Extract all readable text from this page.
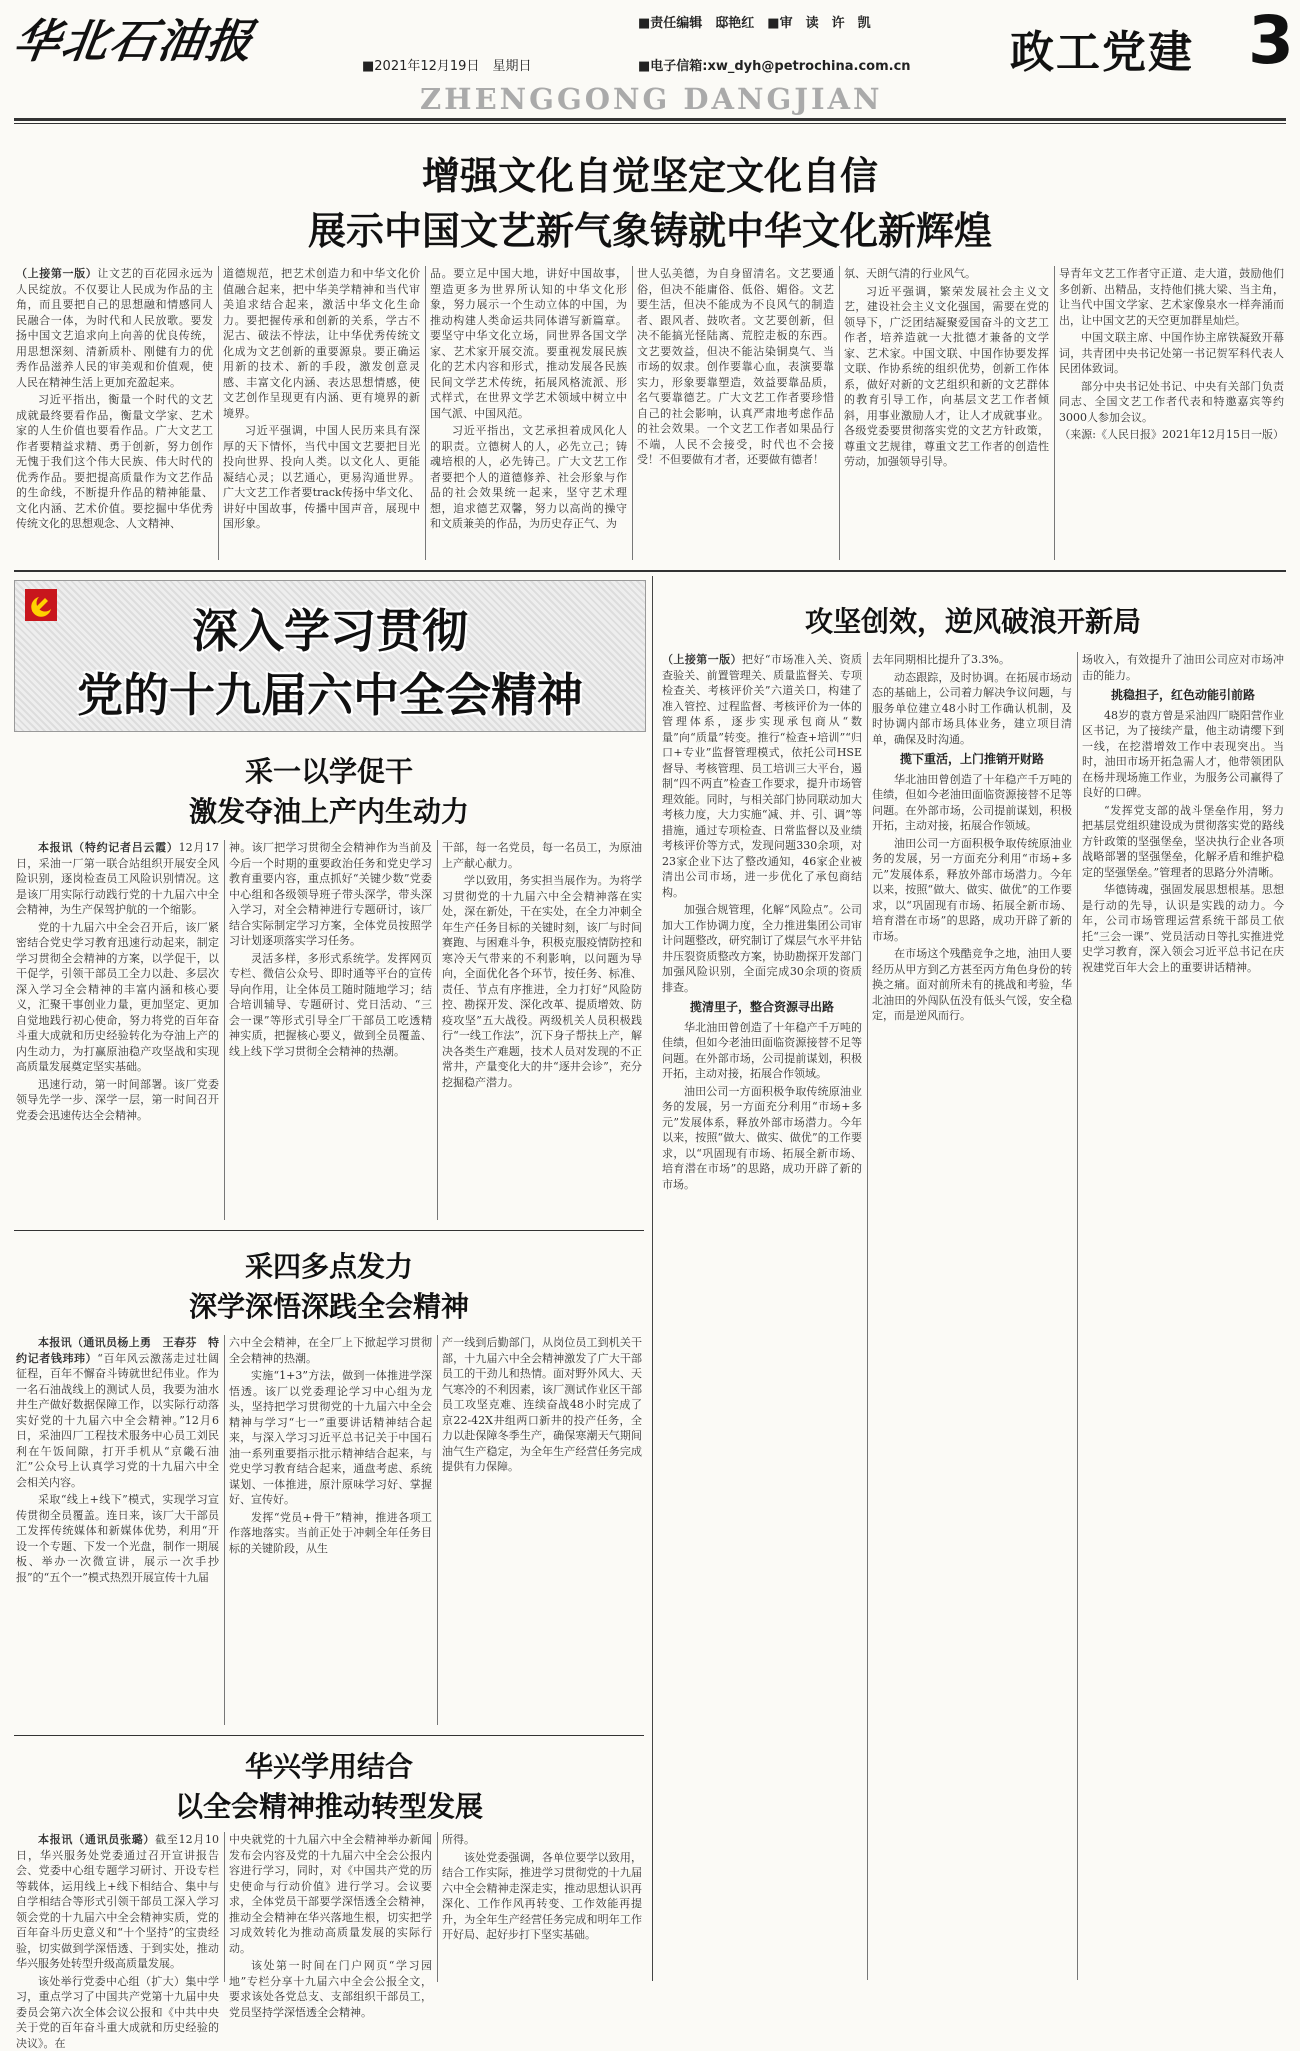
华北石油报	■2021年12月19日　星期日
■责任编辑　邸艳红　■审　读　许　凯
■电子信箱:xw_dyh@petrochina.com.cn 政工党建 3
ZHENGGONG DANGJIAN
增强文化自觉坚定文化自信
展示中国文艺新气象铸就中华文化新辉煌

（上接第一版）让文艺的百花园永远为人民绽放。不仅要让人民成为作品的主角，而且要把自己的思想融和情感同人民融合一体，为时代和人民放歌。要发扬中国文艺追求向上向善的优良传统，用思想深刻、清新质朴、刚健有力的优秀作品滋养人民的审美观和价值观，使人民在精神生活上更加充盈起来。

习近平指出，衡量一个时代的文艺成就最终要看作品，衡量文学家、艺术家的人生价值也要看作品。广大文艺工作者要精益求精、勇于创新，努力创作无愧于我们这个伟大民族、伟大时代的优秀作品。要把提高质量作为文艺作品的生命线，不断提升作品的精神能量、文化内涵、艺术价值。要挖掘中华优秀传统文化的思想观念、人文精神、

道德规范，把艺术创造力和中华文化价值融合起来，把中华美学精神和当代审美追求结合起来，激活中华文化生命力。要把握传承和创新的关系，学古不泥古、破法不悖法，让中华优秀传统文化成为文艺创新的重要源泉。要正确运用新的技术、新的手段，激发创意灵感、丰富文化内涵、表达思想情感，使文艺创作呈现更有内涵、更有境界的新境界。

习近平强调，中国人民历来具有深厚的天下情怀，当代中国文艺要把目光投向世界、投向人类。以文化人、更能凝结心灵；以艺通心，更易沟通世界。广大文艺工作者要track传扬中华文化、讲好中国故事，传播中国声音，展现中国形象。

品。要立足中国大地，讲好中国故事，塑造更多为世界所认知的中华文化形象，努力展示一个生动立体的中国，为推动构建人类命运共同体谱写新篇章。要坚守中华文化立场，同世界各国文学家、艺术家开展交流。要重视发展民族化的艺术内容和形式，推动发展各民族民间文学艺术传统，拓展风格流派、形式样式，在世界文学艺术领域中树立中国气派、中国风范。

习近平指出，文艺承担着成风化人的职责。立德树人的人，必先立己；铸魂培根的人，必先铸己。广大文艺工作者要把个人的道德修养、社会形象与作品的社会效果统一起来，坚守艺术理想，追求德艺双馨，努力以高尚的操守和文质兼美的作品，为历史存正气、为

世人弘美德，为自身留清名。文艺要通俗，但决不能庸俗、低俗、媚俗。文艺要生活，但决不能成为不良风气的制造者、跟风者、鼓吹者。文艺要创新，但决不能搞光怪陆离、荒腔走板的东西。文艺要效益，但决不能沾染铜臭气、当市场的奴隶。创作要靠心血，表演要靠实力，形象要靠塑造，效益要靠品质，名气要靠德艺。广大文艺工作者要珍惜自己的社会影响，认真严肃地考虑作品的社会效果。一个文艺工作者如果品行不端，人民不会接受，时代也不会接受！不但要做有才者，还要做有德者！

氛、天朗气清的行业风气。

习近平强调，繁荣发展社会主义文艺，建设社会主义文化强国，需要在党的领导下，广泛团结凝聚爱国奋斗的文艺工作者，培养造就一大批德才兼备的文学家、艺术家。中国文联、中国作协要发挥文联、作协系统的组织优势，创新工作体系，做好对新的文艺组织和新的文艺群体的教育引导工作，向基层文艺工作者倾斜，用事业激励人才，让人才成就事业。各级党委要贯彻落实党的文艺方针政策，尊重文艺规律，尊重文艺工作者的创造性劳动，加强领导引导。

导青年文艺工作者守正道、走大道，鼓励他们多创新、出精品，支持他们挑大梁、当主角，让当代中国文学家、艺术家像泉水一样奔涌而出，让中国文艺的天空更加群星灿烂。

中国文联主席、中国作协主席铁凝致开幕词，共青团中央书记处第一书记贺军科代表人民团体致词。

部分中央书记处书记、中央有关部门负责同志、全国文艺工作者代表和特邀嘉宾等约3000人参加会议。

（来源:《人民日报》2021年12月15日一版）

深入学习贯彻
党的十九届六中全会精神
采一以学促干
激发夺油上产内生动力

本报讯（特约记者吕云霞）12月17日，采油一厂第一联合站组织开展安全风险识别，逐岗检查员工风险识别情况。这是该厂用实际行动践行党的十九届六中全会精神，为生产保驾护航的一个缩影。

党的十九届六中全会召开后，该厂紧密结合党史学习教育迅速行动起来，制定学习贯彻全会精神的方案，以学促干，以干促学，引领干部员工全力以赴、多层次深入学习全会精神的丰富内涵和核心要义，汇聚干事创业力量，更加坚定、更加自觉地践行初心使命，努力将党的百年奋斗重大成就和历史经验转化为夺油上产的内生动力，为打赢原油稳产攻坚战和实现高质量发展奠定坚实基础。

迅速行动，第一时间部署。该厂党委领导先学一步、深学一层，第一时间召开党委会迅速传达全会精神。

神。该厂把学习贯彻全会精神作为当前及今后一个时期的重要政治任务和党史学习教育重要内容，重点抓好“关键少数”党委中心组和各级领导班子带头深学，带头深入学习，对全会精神进行专题研讨，该厂结合实际制定学习方案，全体党员按照学习计划逐项落实学习任务。

灵活多样，多形式系统学。发挥网页专栏、微信公众号、即时通等平台的宣传导向作用，让全体员工随时随地学习；结合培训辅导、专题研讨、党日活动、“三会一课”等形式引导全厂干部员工吃透精神实质，把握核心要义，做到全员覆盖、线上线下学习贯彻全会精神的热潮。

干部，每一名党员，每一名员工，为原油上产献心献力。

学以致用，务实担当展作为。为将学习贯彻党的十九届六中全会精神落在实处，深在新处，干在实处，在全力冲刺全年生产任务目标的关键时刻，该厂与时间赛跑、与困难斗争，积极克服疫情防控和寒冷天气带来的不利影响，以问题为导向，全面优化各个环节，按任务、标准、责任、节点有序推进，全力打好“风险防控、勘探开发、深化改革、提质增效、防疫攻坚”五大战役。两级机关人员积极践行“一线工作法”，沉下身子帮扶上产，解决各类生产难题，技术人员对发现的不正常井，产量变化大的井“逐井会诊”，充分挖掘稳产潜力。

采四多点发力
深学深悟深践全会精神

本报讯（通讯员杨上勇　王春芬　特约记者钱玮玮）“百年风云激荡走过壮阔征程，百年不懈奋斗铸就世纪伟业。作为一名石油战线上的测试人员，我要为油水井生产做好数据保障工作，以实际行动落实好党的十九届六中全会精神。”12月6日，采油四厂工程技术服务中心员工刘民利在午饭间隙，打开手机从“京畿石油汇”公众号上认真学习党的十九届六中全会相关内容。

采取“线上+线下”模式，实现学习宣传贯彻全员覆盖。连日来，该厂大干部员工发挥传统媒体和新媒体优势，利用“开设一个专题、下发一个光盘，制作一期展板、举办一次微宣讲，展示一次手抄报”的“五个一”模式热烈开展宣传十九届

六中全会精神，在全厂上下掀起学习贯彻全会精神的热潮。

实施“1+3”方法，做到一体推进学深悟透。该厂以党委理论学习中心组为龙头，坚持把学习贯彻党的十九届六中全会精神与学习“七一”重要讲话精神结合起来，与深入学习习近平总书记关于中国石油一系列重要指示批示精神结合起来，与党史学习教育结合起来，通盘考虑、系统谋划、一体推进，原汁原味学习好、掌握好、宣传好。

发挥“党员+骨干”精神，推进各项工作落地落实。当前正处于冲刺全年任务目标的关键阶段，从生

产一线到后勤部门，从岗位员工到机关干部，十九届六中全会精神激发了广大干部员工的干劲儿和热情。面对野外风大、天气寒冷的不利因素，该厂测试作业区干部员工攻坚克难、连续奋战48小时完成了京22-42X井组两口新井的投产任务，全力以赴保障冬季生产，确保寒潮天气期间油气生产稳定，为全年生产经营任务完成提供有力保障。

华兴学用结合
以全会精神推动转型发展

本报讯（通讯员张璐）截至12月10日，华兴服务处党委通过召开宣讲报告会、党委中心组专题学习研讨、开设专栏等载体，运用线上+线下相结合、集中与自学相结合等形式引领干部员工深入学习领会党的十九届六中全会精神实质，党的百年奋斗历史意义和“十个坚持”的宝贵经验，切实做到学深悟透、于到实处，推动华兴服务处转型升级高质量发展。

该处举行党委中心组（扩大）集中学习，重点学习了中国共产党第十九届中央委员会第六次全体会议公报和《中共中央关于党的百年奋斗重大成就和历史经验的决议》。在

中央就党的十九届六中全会精神举办新闻发布会内容及党的十九届六中全会公报内容进行学习，同时，对《中国共产党的历史使命与行动价值》进行学习。会议要求，全体党员干部要学深悟透全会精神，推动全会精神在华兴落地生根，切实把学习成效转化为推动高质量发展的实际行动。

该处第一时间在门户网页“学习园地”专栏分享十九届六中全会公报全文，要求该处各党总支、支部组织干部员工，党员坚持学深悟透全会精神。

所得。

该处党委强调，各单位要学以致用，结合工作实际，推进学习贯彻党的十九届六中全会精神走深走实，推动思想认识再深化、工作作风再转变、工作效能再提升，为全年生产经营任务完成和明年工作开好局、起好步打下坚实基础。

攻坚创效，逆风破浪开新局

（上接第一版）把好“市场准入关、资质查验关、前置管理关、质量监督关、专项检查关、考核评价关”六道关口，构建了准入管控、过程监督、考核评价为一体的管理体系，逐步实现承包商从“数量”向“质量”转变。推行“检查+培训”“归口+专业”监督管理模式，依托公司HSE督导、考核管理、员工培训三大平台，遏制“四不两直”检查工作要求，提升市场管理效能。同时，与相关部门协同联动加大考核力度，大力实施“减、并、引、调”等措施，通过专项检查、日常监督以及业绩考核评价等方式，发现问题330余项，对23家企业下达了整改通知，46家企业被清出公司市场，进一步优化了承包商结构。

加强合规管理，化解“风险点”。公司加大工作协调力度，全力推进集团公司审计问题整改，研究制订了煤层气水平井钻井压裂资质整改方案，协助勘探开发部门加强风险识别，全面完成30余项的资质排查。

揽清里子，整合资源寻出路

华北油田曾创造了十年稳产千万吨的佳绩，但如今老油田面临资源接替不足等问题。在外部市场，公司提前谋划，积极开拓，主动对接，拓展合作领域。

油田公司一方面积极争取传统原油业务的发展，另一方面充分利用“市场+多元”发展体系，释放外部市场潜力。今年以来，按照“做大、做实、做优”的工作要求，以“巩固现有市场、拓展全新市场、培育潜在市场”的思路，成功开辟了新的市场。

去年同期相比提升了3.3%。

动态跟踪，及时协调。在拓展市场动态的基础上，公司着力解决争议问题，与服务单位建立48小时工作确认机制，及时协调内部市场具体业务，建立项目清单，确保及时沟通。

揽下重活，上门推销开财路

华北油田曾创造了十年稳产千万吨的佳绩，但如今老油田面临资源接替不足等问题。在外部市场，公司提前谋划，积极开拓，主动对接，拓展合作领域。

油田公司一方面积极争取传统原油业务的发展，另一方面充分利用“市场+多元”发展体系，释放外部市场潜力。今年以来，按照“做大、做实、做优”的工作要求，以“巩固现有市场、拓展全新市场、培育潜在市场”的思路，成功开辟了新的市场。

在市场这个残酷竞争之地，油田人要经历从甲方到乙方甚至丙方角色身份的转换之痛。面对前所未有的挑战和考验，华北油田的外闯队伍没有低头气馁，安全稳定，而是逆风而行。

场收入，有效提升了油田公司应对市场冲击的能力。

挑稳担子，红色动能引前路

48岁的袁方曾是采油四厂晓阳营作业区书记，为了接续产量，他主动请缨下到一线，在挖潜增效工作中表现突出。当时，油田市场开拓急需人才，他带领团队在杨井现场施工作业，为服务公司赢得了良好的口碑。

“发挥党支部的战斗堡垒作用，努力把基层党组织建设成为贯彻落实党的路线方针政策的坚强堡垒，坚决执行企业各项战略部署的坚强堡垒，化解矛盾和维护稳定的坚强堡垒。”管理者的思路分外清晰。

华德铸魂，强固发展思想根基。思想是行动的先导，认识是实践的动力。今年，公司市场管理运营系统干部员工依托“三会一课”、党员活动日等扎实推进党史学习教育，深入领会习近平总书记在庆祝建党百年大会上的重要讲话精神。
